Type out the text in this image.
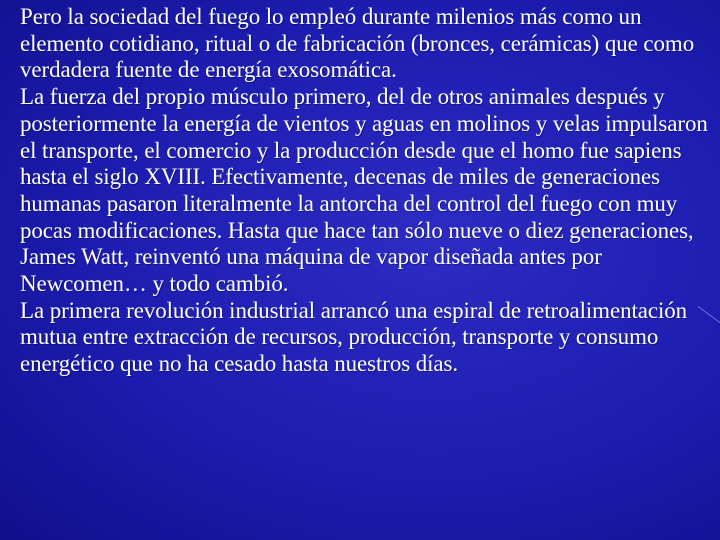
Pero la sociedad del fuego lo empleó durante milenios más como un elemento cotidiano, ritual o de fabricación (bronces, cerámicas) que como verdadera fuente de energía exosomática.

La fuerza del propio músculo primero, del de otros animales después y posteriormente la energía de vientos y aguas en molinos y velas impulsaron el transporte, el comercio y la producción desde que el homo fue sapiens hasta el siglo XVIII. Efectivamente, decenas de miles de generaciones humanas pasaron literalmente la antorcha del control del fuego con muy pocas modificaciones. Hasta que hace tan sólo nueve o diez generaciones, James Watt, reinventó una máquina de vapor diseñada antes por Newcomen… y todo cambió.

La primera revolución industrial arrancó una espiral de retroalimentación mutua entre extracción de recursos, producción, transporte y consumo energético que no ha cesado hasta nuestros días.
